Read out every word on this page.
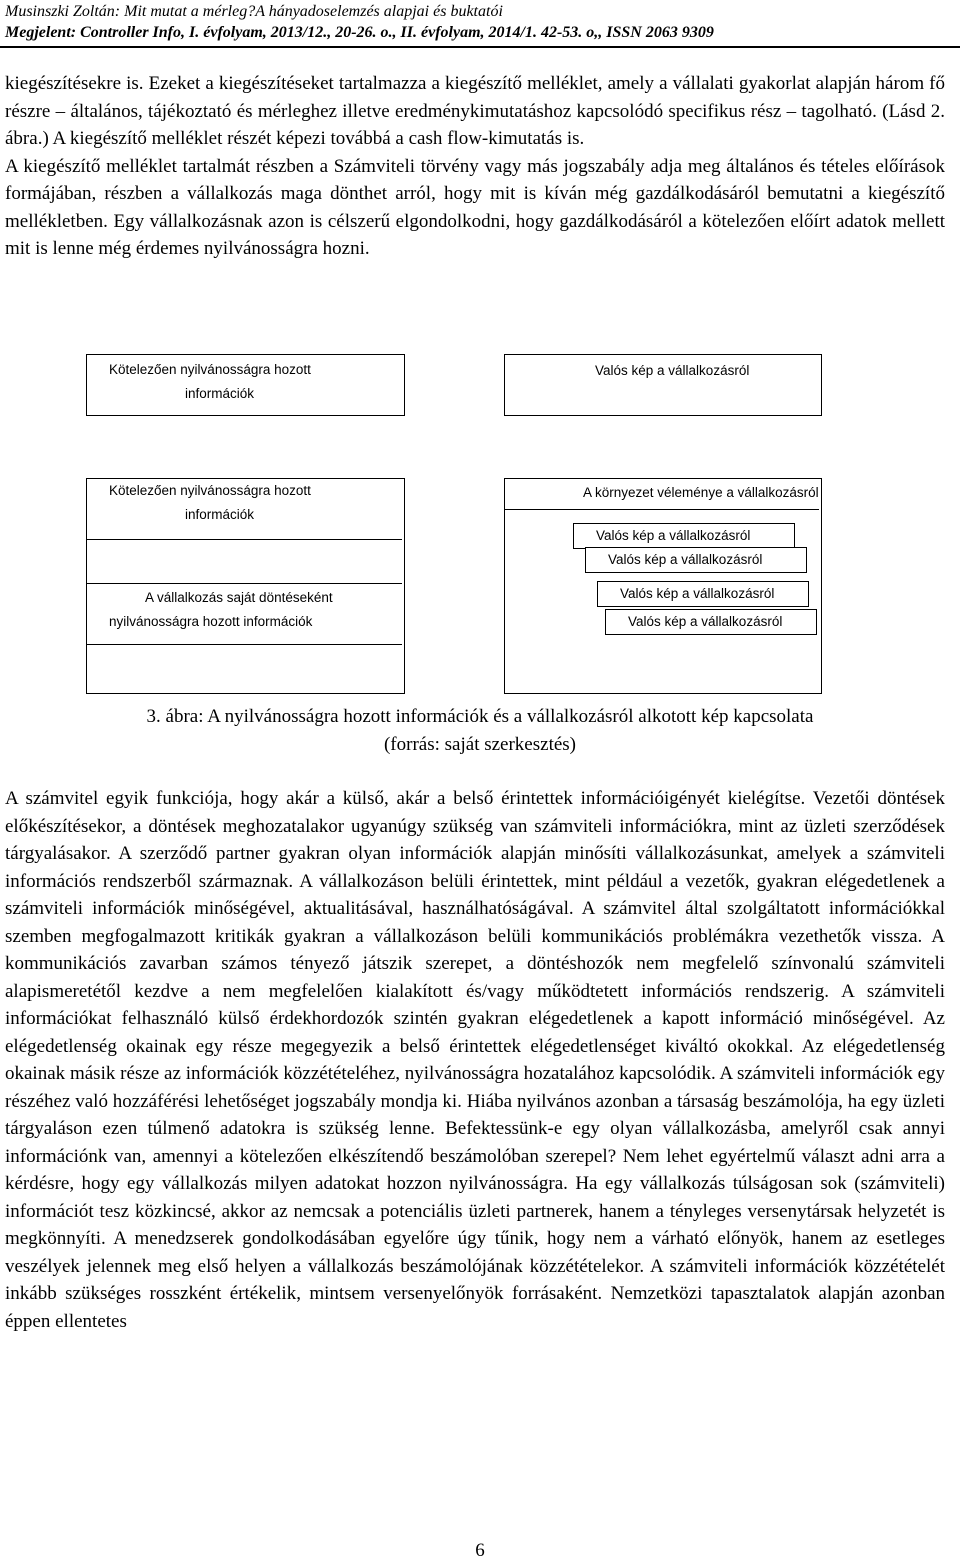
Musinszki Zoltán: Mit mutat a mérleg?A hányadoselemzés alapjai és buktatói
Megjelent: Controller Info, I. évfolyam, 2013/12., 20-26. o., II. évfolyam, 2014/1. 42-53. o,, ISSN 2063 9309

kiegészítésekre is. Ezeket a kiegészítéseket tartalmazza a kiegészítő melléklet, amely a vállalati gyakorlat alapján három fő részre – általános, tájékoztató és mérleghez illetve eredménykimutatáshoz kapcsolódó specifikus rész – tagolható. (Lásd 2. ábra.) A kiegészítő melléklet részét képezi továbbá a cash flow-kimutatás is.
A kiegészítő melléklet tartalmát részben a Számviteli törvény vagy más jogszabály adja meg általános és tételes előírások formájában, részben a vállalkozás maga dönthet arról, hogy mit is kíván még gazdálkodásáról bemutatni a kiegészítő mellékletben. Egy vállalkozásnak azon is célszerű elgondolkodni, hogy gazdálkodásáról a kötelezően előírt adatok mellett mit is lenne még érdemes nyilvánosságra hozni.

Kötelezően nyilvánosságra hozott
információk
Valós kép a vállalkozásról
Kötelezően nyilvánosságra hozott
információk
A vállalkozás saját döntéseként
nyilvánosságra hozott információk
A környezet véleménye a vállalkozásról
Valós kép a vállalkozásról
Valós kép a vállalkozásról
Valós kép a vállalkozásról
Valós kép a vállalkozásról
3. ábra: A nyilvánosságra hozott információk és a vállalkozásról alkotott kép kapcsolata
(forrás: saját szerkesztés)

A számvitel egyik funkciója, hogy akár a külső, akár a belső érintettek információigényét kielégítse. Vezetői döntések előkészítésekor, a döntések meghozatalakor ugyanúgy szükség van számviteli információkra, mint az üzleti szerződések tárgyalásakor. A szerződő partner gyakran olyan információk alapján minősíti vállalkozásunkat, amelyek a számviteli információs rendszerből származnak. A vállalkozáson belüli érintettek, mint például a vezetők, gyakran elégedetlenek a számviteli információk minőségével, aktualitásával, használhatóságával. A számvitel által szolgáltatott információkkal szemben megfogalmazott kritikák gyakran a vállalkozáson belüli kommunikációs problémákra vezethetők vissza. A kommunikációs zavarban számos tényező játszik szerepet, a döntéshozók nem megfelelő színvonalú számviteli alapismeretétől kezdve a nem megfelelően kialakított és/vagy működtetett információs rendszerig. A számviteli információkat felhasználó külső érdekhordozók szintén gyakran elégedetlenek a kapott információ minőségével. Az elégedetlenség okainak egy része megegyezik a belső érintettek elégedetlenséget kiváltó okokkal. Az elégedetlenség okainak másik része az információk közzétételéhez, nyilvánosságra hozatalához kapcsolódik. A számviteli információk egy részéhez való hozzáférési lehetőséget jogszabály mondja ki. Hiába nyilvános azonban a társaság beszámolója, ha egy üzleti tárgyaláson ezen túlmenő adatokra is szükség lenne. Befektessünk-e egy olyan vállalkozásba, amelyről csak annyi információnk van, amennyi a kötelezően elkészítendő beszámolóban szerepel? Nem lehet egyértelmű választ adni arra a kérdésre, hogy egy vállalkozás milyen adatokat hozzon nyilvánosságra. Ha egy vállalkozás túlságosan sok (számviteli) információt tesz közkincsé, akkor az nemcsak a potenciális üzleti partnerek, hanem a tényleges versenytársak helyzetét is megkönnyíti. A menedzserek gondolkodásában egyelőre úgy tűnik, hogy nem a várható előnyök, hanem az esetleges veszélyek jelennek meg első helyen a vállalkozás beszámolójának közzétételekor. A számviteli információk közzétételét inkább szükséges rosszként értékelik, mintsem versenyelőnyök forrásaként. Nemzetközi tapasztalatok alapján azonban éppen ellentetes

6
